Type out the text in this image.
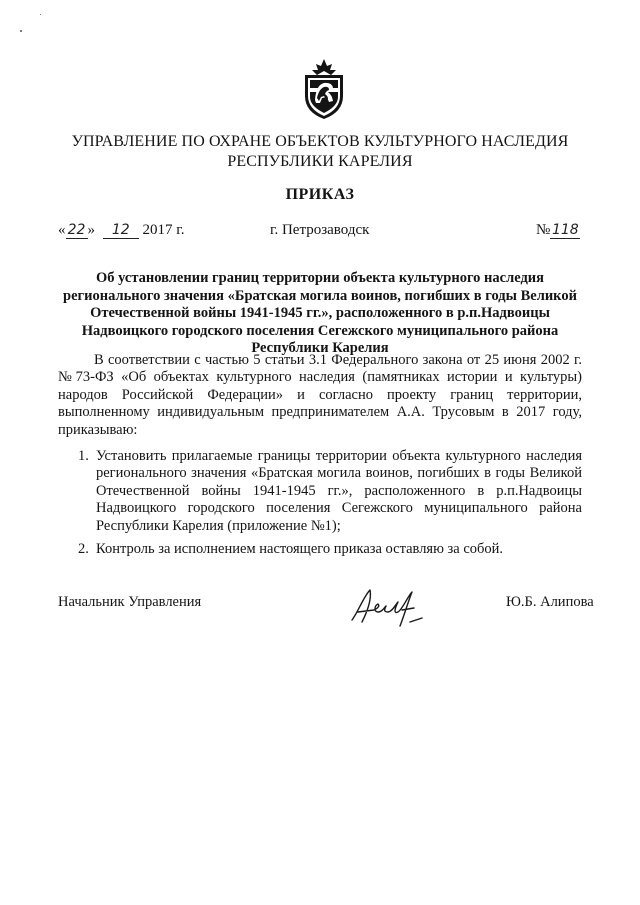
УПРАВЛЕНИЕ ПО ОХРАНЕ ОБЪЕКТОВ КУЛЬТУРНОГО НАСЛЕДИЯ
РЕСПУБЛИКИ КАРЕЛИЯ
ПРИКАЗ
« 22 » 12 2017 г.	г. Петрозаводск	№ 118
Об установлении границ территории объекта культурного наследия
регионального значения «Братская могила воинов, погибших в годы Великой
Отечественной войны 1941-1945 гг.», расположенного в р.п.Надвоицы
Надвоицкого городского поселения Сегежского муниципального района
Республики Карелия

В соответствии с частью 5 статьи 3.1 Федерального закона от 25 июня 2002 г. №73-ФЗ «Об объектах культурного наследия (памятниках истории и культуры) народов Российской Федерации» и согласно проекту границ территории, выполненному индивидуальным предпринимателем А.А. Трусовым в 2017 году, приказываю:

1. Установить прилагаемые границы территории объекта культурного наследия регионального значения «Братская могила воинов, погибших в годы Великой Отечественной войны 1941-1945 гг.», расположенного в р.п.Надвоицы Надвоицкого городского поселения Сегежского муниципального района Республики Карелия (приложение №1);
2. Контроль за исполнением настоящего приказа оставляю за собой.
Начальник Управления	Ю.Б. Алипова
